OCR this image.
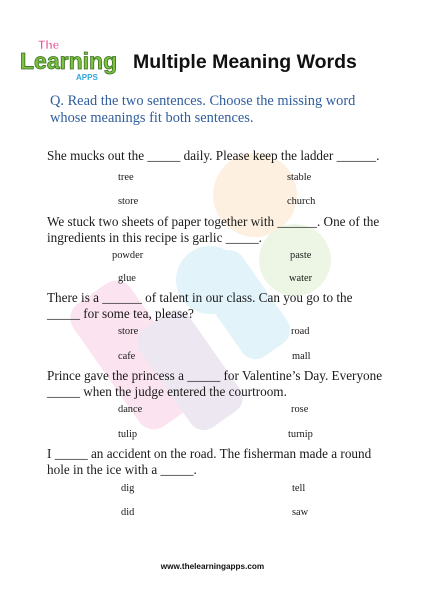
The
Learning
APPS
Multiple Meaning Words
Q. Read the two sentences. Choose the missing word whose meanings fit both sentences.
She mucks out the _____ daily. Please keep the ladder ______.
tree	stable
store	church
We stuck two sheets of paper together with ______. One of the ingredients in this recipe is garlic _____.
powder	paste
glue	water
There is a ______ of talent in our class. Can you go to the _____ for some tea, please?
store	road
cafe	mall
Prince gave the princess a _____ for Valentine’s Day. Everyone _____ when the judge entered the courtroom.
dance	rose
tulip	turnip
I _____ an accident on the road. The fisherman made a round hole in the ice with a _____.
dig	tell
did	saw
www.thelearningapps.com
